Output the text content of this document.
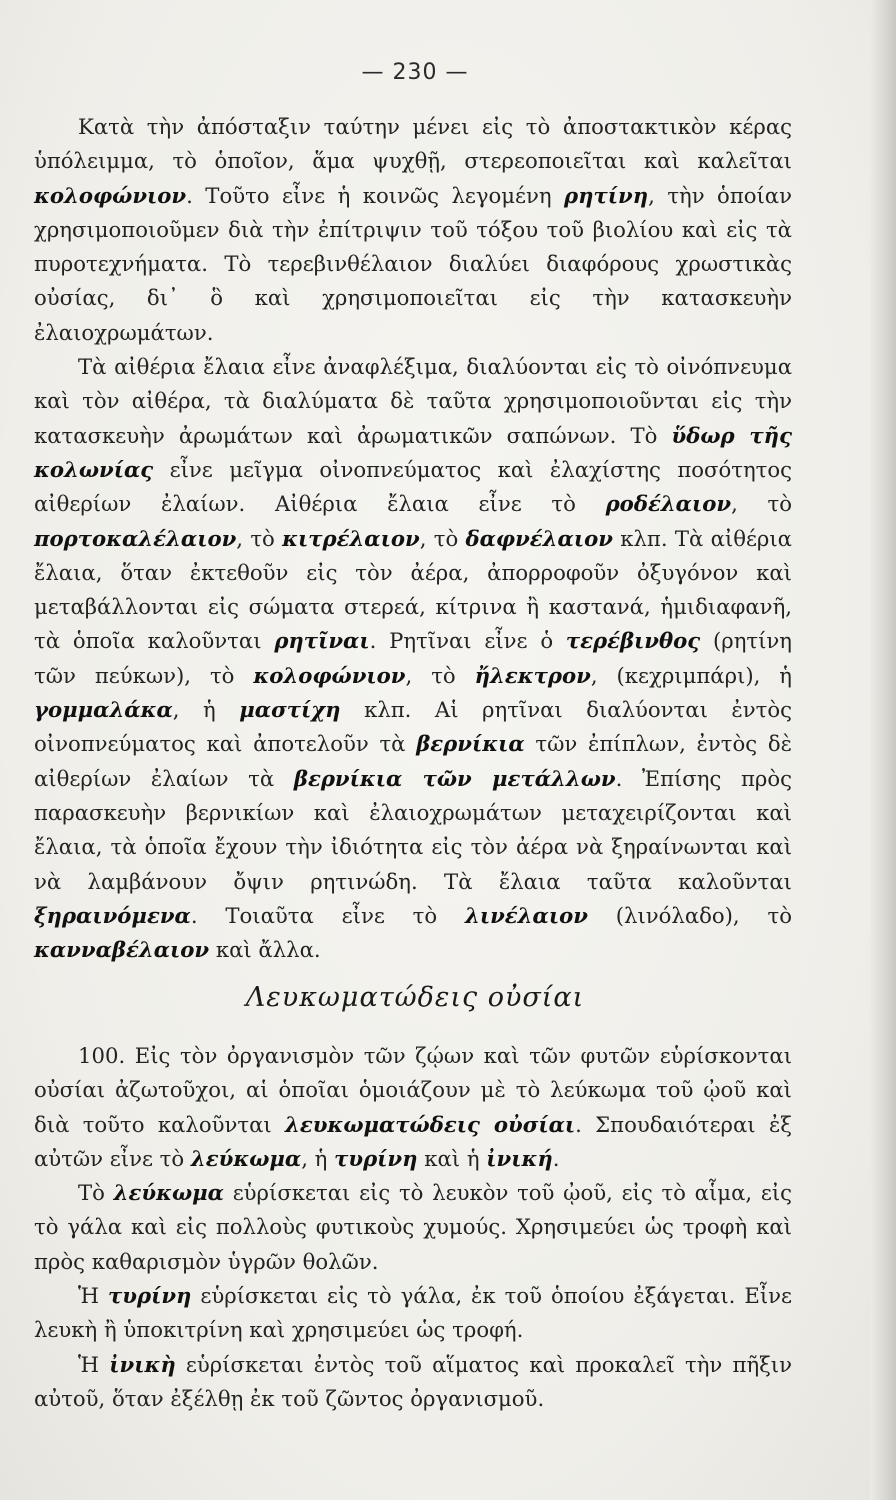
— 230 —

Κατὰ τὴν ἀπόσταξιν ταύτην μένει εἰς τὸ ἀποστακτικὸν κέρας ὑπόλειμμα, τὸ ὁποῖον, ἅμα ψυχθῇ, στερεοποιεῖται καὶ καλεῖται κολοφώνιον. Τοῦτο εἶνε ἡ κοινῶς λεγομένη ρητίνη, τὴν ὁποίαν χρησιμοποιοῦμεν διὰ τὴν ἐπίτριψιν τοῦ τόξου τοῦ βιολίου καὶ εἰς τὰ πυροτεχνήματα. Τὸ τερεβινθέλαιον διαλύει διαφόρους χρωστικὰς οὐσίας, δι᾿ ὃ καὶ χρησιμοποιεῖται εἰς τὴν κατασκευὴν ἐλαιοχρωμάτων.

Τὰ αἰθέρια ἔλαια εἶνε ἀναφλέξιμα, διαλύονται εἰς τὸ οἰνόπνευμα καὶ τὸν αἰθέρα, τὰ διαλύματα δὲ ταῦτα χρησιμοποιοῦνται εἰς τὴν κατασκευὴν ἀρωμάτων καὶ ἀρωματικῶν σαπώνων. Τὸ ὕδωρ τῆς κολωνίας εἶνε μεῖγμα οἰνοπνεύματος καὶ ἐλαχίστης ποσότητος αἰθερίων ἐλαίων. Αἰθέρια ἔλαια εἶνε τὸ ροδέλαιον, τὸ πορτοκαλέλαιον, τὸ κιτρέλαιον, τὸ δαφνέλαιον κλπ. Τὰ αἰθέρια ἔλαια, ὅταν ἐκτεθοῦν εἰς τὸν ἀέρα, ἀπορροφοῦν ὀξυγόνον καὶ μεταβάλλονται εἰς σώματα στερεά, κίτρινα ἢ καστανά, ἡμιδιαφανῆ, τὰ ὁποῖα καλοῦνται ρητῖναι. Ρητῖναι εἶνε ὁ τερέβινθος (ρητίνη τῶν πεύκων), τὸ κολοφώνιον, τὸ ἤλεκτρον, (κεχριμπάρι), ἡ γομμαλάκα, ἡ μαστίχη κλπ. Αἱ ρητῖναι διαλύονται ἐντὸς οἰνοπνεύματος καὶ ἀποτελοῦν τὰ βερνίκια τῶν ἐπίπλων, ἐντὸς δὲ αἰθερίων ἐλαίων τὰ βερνίκια τῶν μετάλλων. Ἐπίσης πρὸς παρασκευὴν βερνικίων καὶ ἐλαιοχρωμάτων μεταχειρίζονται καὶ ἔλαια, τὰ ὁποῖα ἔχουν τὴν ἰδιότητα εἰς τὸν ἀέρα νὰ ξηραίνωνται καὶ νὰ λαμβάνουν ὄψιν ρητινώδη. Τὰ ἔλαια ταῦτα καλοῦνται ξηραινόμενα. Τοιαῦτα εἶνε τὸ λινέλαιον (λινόλαδο), τὸ κανναβέλαιον καὶ ἄλλα.

Λευκωματώδεις οὐσίαι

100. Εἰς τὸν ὀργανισμὸν τῶν ζῴων καὶ τῶν φυτῶν εὑρίσκονται οὐσίαι ἀζωτοῦχοι, αἱ ὁποῖαι ὁμοιάζουν μὲ τὸ λεύκωμα τοῦ ᾠοῦ καὶ διὰ τοῦτο καλοῦνται λευκωματώδεις οὐσίαι. Σπουδαιότεραι ἐξ αὐτῶν εἶνε τὸ λεύκωμα, ἡ τυρίνη καὶ ἡ ἰνική.

Τὸ λεύκωμα εὑρίσκεται εἰς τὸ λευκὸν τοῦ ᾠοῦ, εἰς τὸ αἷμα, εἰς τὸ γάλα καὶ εἰς πολλοὺς φυτικοὺς χυμούς. Χρησιμεύει ὡς τροφὴ καὶ πρὸς καθαρισμὸν ὑγρῶν θολῶν.

Ἡ τυρίνη εὑρίσκεται εἰς τὸ γάλα, ἐκ τοῦ ὁποίου ἐξάγεται. Εἶνε λευκὴ ἢ ὑποκιτρίνη καὶ χρησιμεύει ὡς τροφή.

Ἡ ἰνικὴ εὑρίσκεται ἐντὸς τοῦ αἵματος καὶ προκαλεῖ τὴν πῆξιν αὐτοῦ, ὅταν ἐξέλθῃ ἐκ τοῦ ζῶντος ὀργανισμοῦ.
